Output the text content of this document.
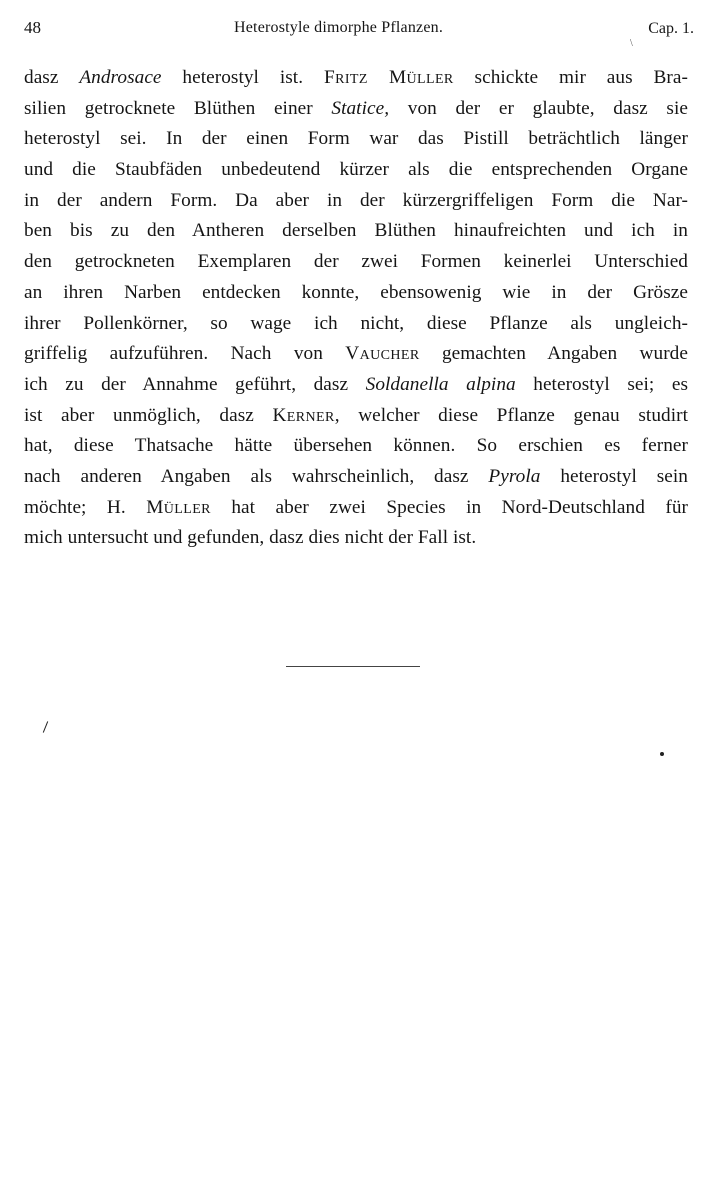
48	Heterostyle dimorphe Pflanzen.
\
Cap. 1.
dasz Androsace heterostyl ist. Fritz Müller schickte mir aus Bra-
silien getrocknete Blüthen einer Statice, von der er glaubte, dasz sie
heterostyl sei. In der einen Form war das Pistill beträchtlich länger
und die Staubfäden unbedeutend kürzer als die entsprechenden Organe
in der andern Form. Da aber in der kürzergriffeligen Form die Nar-
ben bis zu den Antheren derselben Blüthen hinaufreichten und ich in
den getrockneten Exemplaren der zwei Formen keinerlei Unterschied
an ihren Narben entdecken konnte, ebensowenig wie in der Grösze
ihrer Pollenkörner, so wage ich nicht, diese Pflanze als ungleich-
griffelig aufzuführen. Nach von Vaucher gemachten Angaben wurde
ich zu der Annahme geführt, dasz Soldanella alpina heterostyl sei; es
ist aber unmöglich, dasz Kerner, welcher diese Pflanze genau studirt
hat, diese Thatsache hätte übersehen können. So erschien es ferner
nach anderen Angaben als wahrscheinlich, dasz Pyrola heterostyl sein
möchte; H. Müller hat aber zwei Species in Nord-Deutschland für
mich untersucht und gefunden, dasz dies nicht der Fall ist.
